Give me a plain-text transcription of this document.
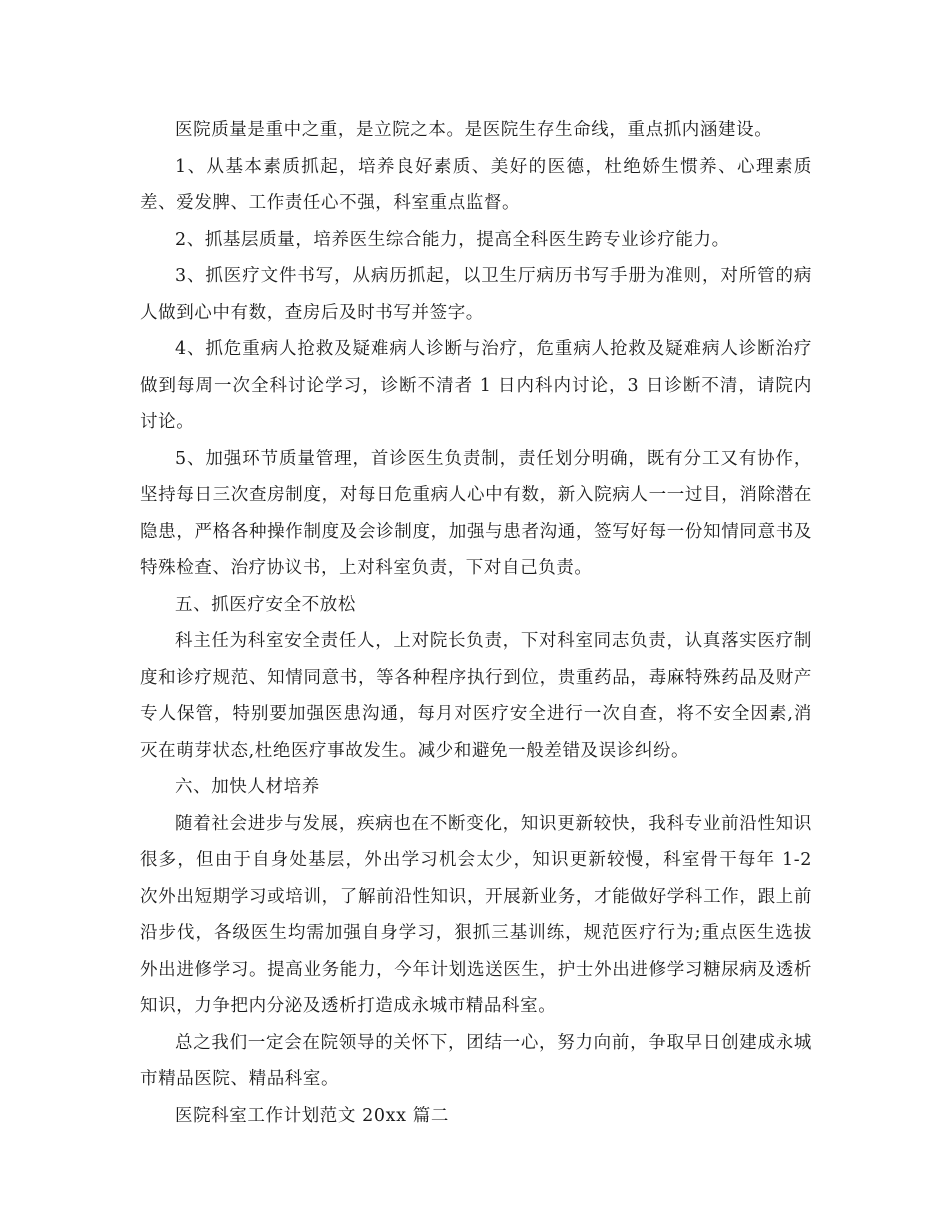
医院质量是重中之重，是立院之本。是医院生存生命线，重点抓内涵建设。

1、从基本素质抓起，培养良好素质、美好的医德，杜绝娇生惯养、心理素质差、爱发脾、工作责任心不强，科室重点监督。

2、抓基层质量，培养医生综合能力，提高全科医生跨专业诊疗能力。

3、抓医疗文件书写，从病历抓起，以卫生厅病历书写手册为准则，对所管的病人做到心中有数，查房后及时书写并签字。

4、抓危重病人抢救及疑难病人诊断与治疗，危重病人抢救及疑难病人诊断治疗做到每周一次全科讨论学习，诊断不清者 1 日内科内讨论，3 日诊断不清，请院内讨论。

5、加强环节质量管理，首诊医生负责制，责任划分明确，既有分工又有协作，坚持每日三次查房制度，对每日危重病人心中有数，新入院病人一一过目，消除潜在隐患，严格各种操作制度及会诊制度，加强与患者沟通，签写好每一份知情同意书及特殊检查、治疗协议书，上对科室负责，下对自己负责。

五、抓医疗安全不放松

科主任为科室安全责任人，上对院长负责，下对科室同志负责，认真落实医疗制度和诊疗规范、知情同意书，等各种程序执行到位，贵重药品，毒麻特殊药品及财产专人保管，特别要加强医患沟通，每月对医疗安全进行一次自查，将不安全因素,消灭在萌芽状态,杜绝医疗事故发生。减少和避免一般差错及误诊纠纷。

六、加快人材培养

随着社会进步与发展，疾病也在不断变化，知识更新较快，我科专业前沿性知识很多，但由于自身处基层，外出学习机会太少，知识更新较慢，科室骨干每年 1-2 次外出短期学习或培训，了解前沿性知识，开展新业务，才能做好学科工作，跟上前沿步伐，各级医生均需加强自身学习，狠抓三基训练，规范医疗行为;重点医生选拔外出进修学习。提高业务能力，今年计划选送医生，护士外出进修学习糖尿病及透析知识，力争把内分泌及透析打造成永城市精品科室。

总之我们一定会在院领导的关怀下，团结一心，努力向前，争取早日创建成永城市精品医院、精品科室。

医院科室工作计划范文 20xx 篇二
